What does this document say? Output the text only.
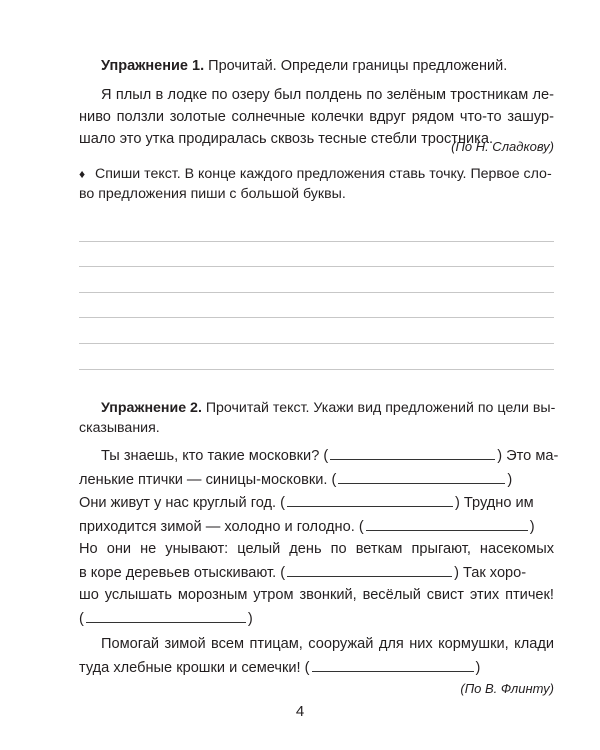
Упражнение 1. Прочитай. Определи границы предложений.
Я плыл в лодке по озеру был полдень по зелёным тростникам ле-
ниво ползли золотые солнечные колечки вдруг рядом что-то зашур-
шало это утка продиралась сквозь тесные стебли тростника.
(По Н. Сладкову)
♦ Спиши текст. В конце каждого предложения ставь точку. Первое сло-
во предложения пиши с большой буквы.
Упражнение 2. Прочитай текст. Укажи вид предложений по цели вы-
сказывания.
Ты знаешь, кто такие московки? (	) Это ма-
ленькие птички — синицы-московки. (	)
Они живут у нас круглый год. (	) Трудно им
приходится зимой — холодно и голодно. (	)
Но они не унывают: целый день по веткам прыгают, насекомых
в коре деревьев отыскивают. (	) Так хоро-
шо услышать морозным утром звонкий, весёлый свист этих птичек!
(	)
Помогай зимой всем птицам, сооружай для них кормушки, клади
туда хлебные крошки и семечки! (	)
(По В. Флинту)
4
